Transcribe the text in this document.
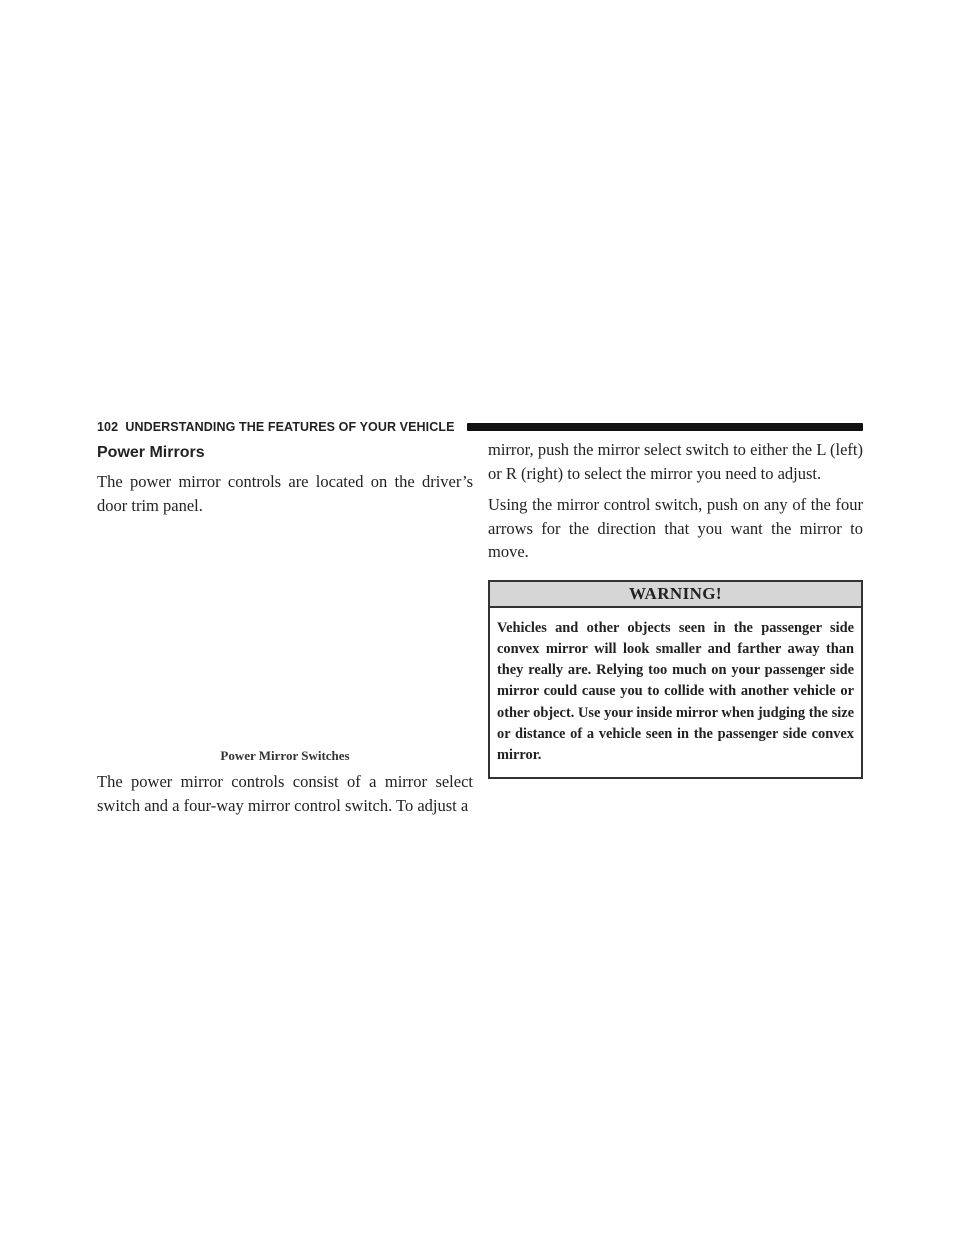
102 UNDERSTANDING THE FEATURES OF YOUR VEHICLE
Power Mirrors

The power mirror controls are located on the driver’s door trim panel.

Power Mirror Switches

The power mirror controls consist of a mirror select switch and a four-way mirror control switch. To adjust a

mirror, push the mirror select switch to either the L (left) or R (right) to select the mirror you need to adjust.

Using the mirror control switch, push on any of the four arrows for the direction that you want the mirror to move.

WARNING!
Vehicles and other objects seen in the passenger side convex mirror will look smaller and farther away than they really are. Relying too much on your passenger side mirror could cause you to collide with another vehicle or other object. Use your inside mirror when judging the size or distance of a vehicle seen in the passenger side convex mirror.
